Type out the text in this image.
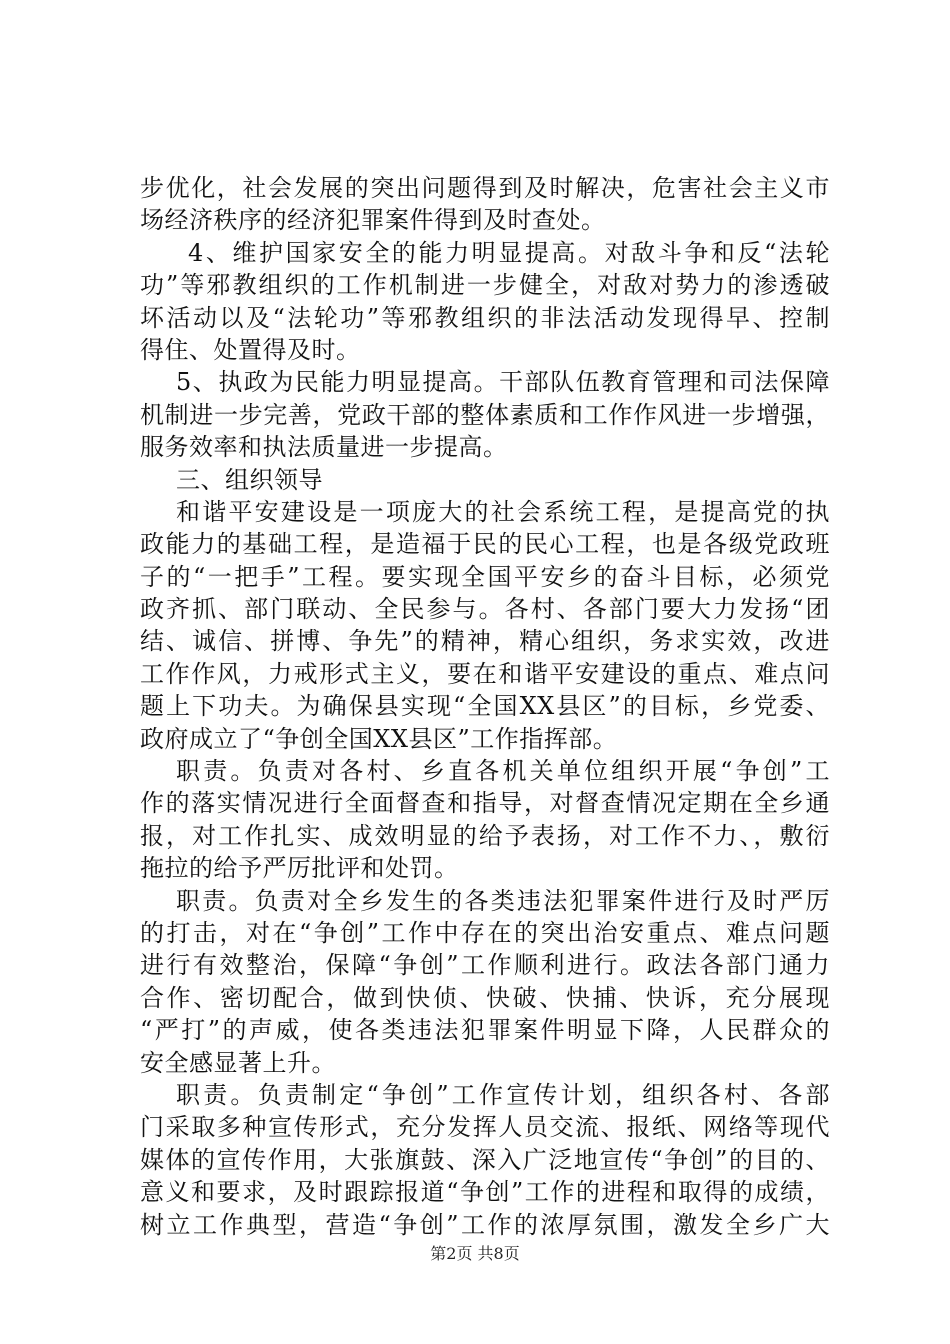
步优化，社会发展的突出问题得到及时解决，危害社会主义市
场经济秩序的经济犯罪案件得到及时查处。
4、维护国家安全的能力明显提高。对敌斗争和反“法轮
功”等邪教组织的工作机制进一步健全，对敌对势力的渗透破
坏活动以及“法轮功”等邪教组织的非法活动发现得早、控制
得住、处置得及时。
5、执政为民能力明显提高。干部队伍教育管理和司法保障
机制进一步完善，党政干部的整体素质和工作作风进一步增强，
服务效率和执法质量进一步提高。
三、组织领导
和谐平安建设是一项庞大的社会系统工程，是提高党的执
政能力的基础工程，是造福于民的民心工程，也是各级党政班
子的“一把手”工程。要实现全国平安乡的奋斗目标，必须党
政齐抓、部门联动、全民参与。各村、各部门要大力发扬“团
结、诚信、拼博、争先”的精神，精心组织，务求实效，改进
工作作风，力戒形式主义，要在和谐平安建设的重点、难点问
题上下功夫。为确保县实现“全国XX县区”的目标，乡党委、
政府成立了“争创全国XX县区”工作指挥部。
职责。负责对各村、乡直各机关单位组织开展“争创”工
作的落实情况进行全面督查和指导，对督查情况定期在全乡通
报，对工作扎实、成效明显的给予表扬，对工作不力、，敷衍
拖拉的给予严厉批评和处罚。
职责。负责对全乡发生的各类违法犯罪案件进行及时严厉
的打击，对在“争创”工作中存在的突出治安重点、难点问题
进行有效整治，保障“争创”工作顺利进行。政法各部门通力
合作、密切配合，做到快侦、快破、快捕、快诉，充分展现
“严打”的声威，使各类违法犯罪案件明显下降，人民群众的
安全感显著上升。
职责。负责制定“争创”工作宣传计划，组织各村、各部
门采取多种宣传形式，充分发挥人员交流、报纸、网络等现代
媒体的宣传作用，大张旗鼓、深入广泛地宣传“争创”的目的、
意义和要求，及时跟踪报道“争创”工作的进程和取得的成绩，
树立工作典型，营造“争创”工作的浓厚氛围，激发全乡广大
第2页 共8页
